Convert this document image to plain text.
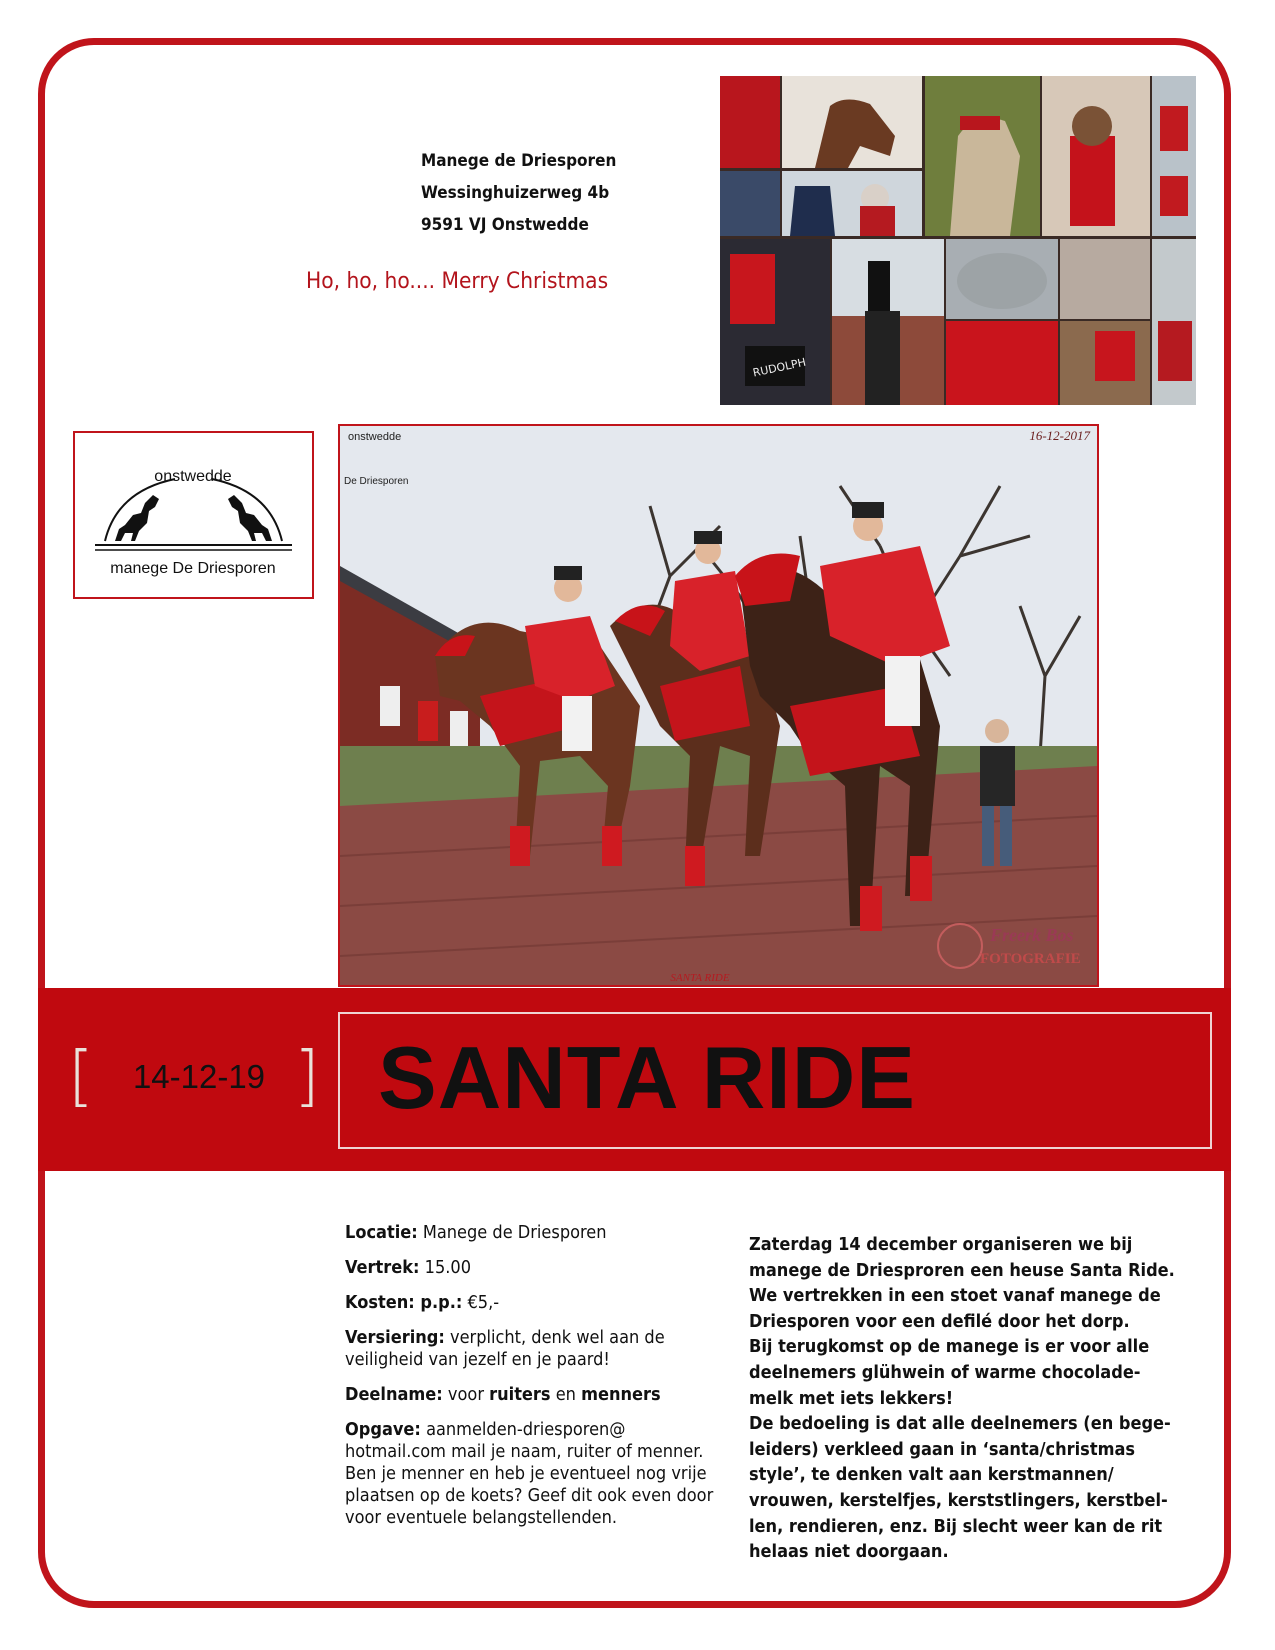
Manege de Driesporen
Wessinghuizerweg 4b
9591 VJ Onstwedde
Ho, ho, ho.... Merry Christmas
RUDOLPH
onstwedde
manege De Driesporen
onstwedde
De Driesporen
16-12-2017
SANTA RIDE
Freerk Bos
FOTOGRAFIE
[	14-12-19 ] SANTA RIDE

Locatie: Manege de Driesporen

Vertrek: 15.00

Kosten: p.p.: €5,-

Versiering: verplicht, denk wel aan de veiligheid van jezelf en je paard!

Deelname: voor ruiters en menners

Opgave: aanmelden-driesporen@ hotmail.com mail je naam, ruiter of menner. Ben je menner en heb je eventueel nog vrije plaatsen op de koets? Geef dit ook even door voor eventuele belangstellenden.

Zaterdag 14 december organiseren we bij
manege de Driesproren een heuse Santa Ride.
We vertrekken in een stoet vanaf manege de
Driesporen voor een defilé door het dorp.
Bij terugkomst op de manege is er voor alle
deelnemers glühwein of warme chocolade-
melk met iets lekkers!
De bedoeling is dat alle deelnemers (en bege-
leiders) verkleed gaan in ‘santa/christmas
style’, te denken valt aan kerstmannen/
vrouwen, kerstelfjes, kerststlingers, kerstbel-
len, rendieren, enz. Bij slecht weer kan de rit
helaas niet doorgaan.
